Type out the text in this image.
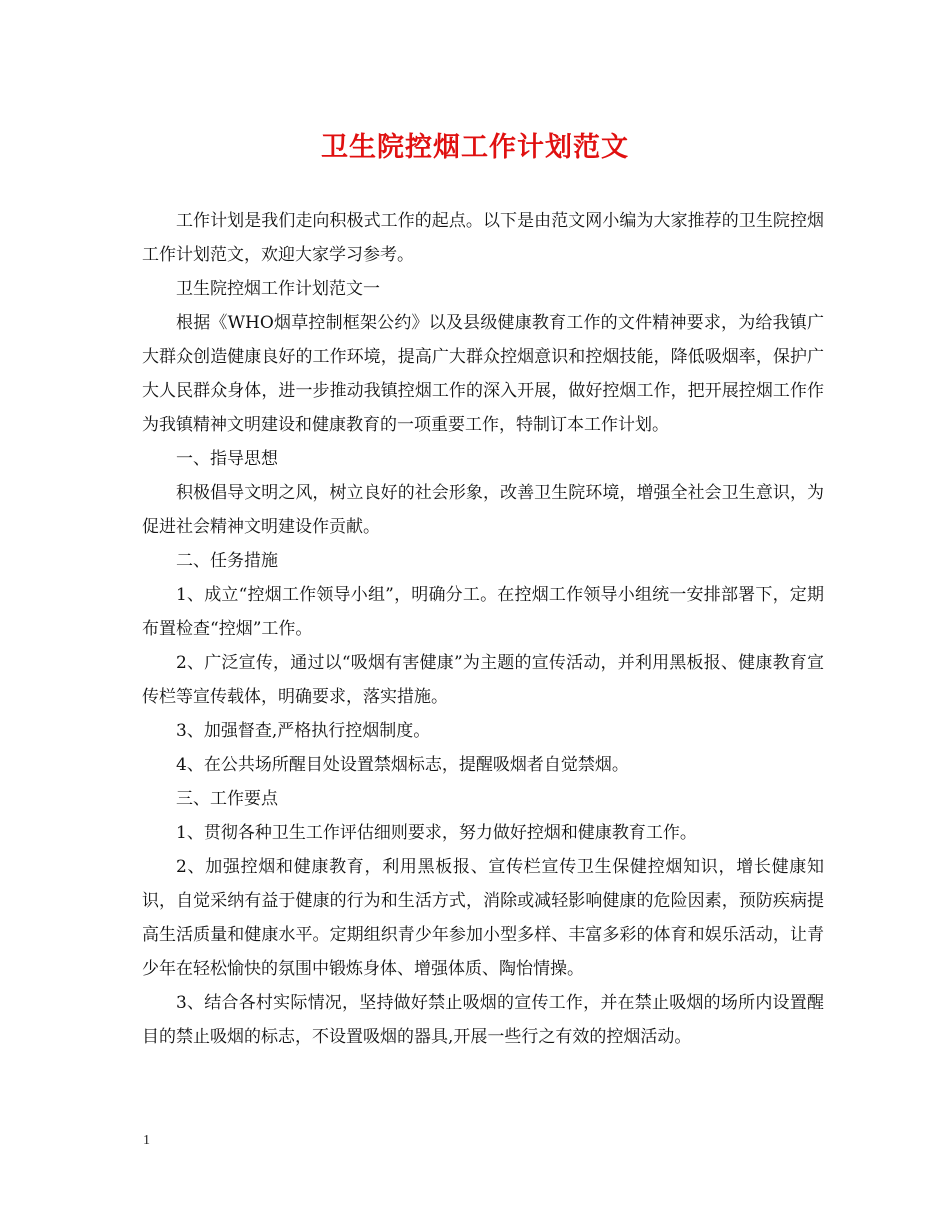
卫生院控烟工作计划范文

工作计划是我们走向积极式工作的起点。以下是由范文网小编为大家推荐的卫生院控烟工作计划范文，欢迎大家学习参考。

卫生院控烟工作计划范文一

根据《WHO烟草控制框架公约》以及县级健康教育工作的文件精神要求，为给我镇广大群众创造健康良好的工作环境，提高广大群众控烟意识和控烟技能，降低吸烟率，保护广大人民群众身体，进一步推动我镇控烟工作的深入开展，做好控烟工作，把开展控烟工作作为我镇精神文明建设和健康教育的一项重要工作，特制订本工作计划。

一、指导思想

积极倡导文明之风，树立良好的社会形象，改善卫生院环境，增强全社会卫生意识，为促进社会精神文明建设作贡献。

二、任务措施

1、成立“控烟工作领导小组”，明确分工。在控烟工作领导小组统一安排部署下，定期布置检查“控烟”工作。

2、广泛宣传，通过以“吸烟有害健康”为主题的宣传活动，并利用黑板报、健康教育宣传栏等宣传载体，明确要求，落实措施。

3、加强督查,严格执行控烟制度。

4、在公共场所醒目处设置禁烟标志，提醒吸烟者自觉禁烟。

三、工作要点

1、贯彻各种卫生工作评估细则要求，努力做好控烟和健康教育工作。

2、加强控烟和健康教育，利用黑板报、宣传栏宣传卫生保健控烟知识，增长健康知识，自觉采纳有益于健康的行为和生活方式，消除或减轻影响健康的危险因素，预防疾病提高生活质量和健康水平。定期组织青少年参加小型多样、丰富多彩的体育和娱乐活动，让青少年在轻松愉快的氛围中锻炼身体、增强体质、陶怡情操。

3、结合各村实际情况，坚持做好禁止吸烟的宣传工作，并在禁止吸烟的场所内设置醒目的禁止吸烟的标志，不设置吸烟的器具,开展一些行之有效的控烟活动。

1
